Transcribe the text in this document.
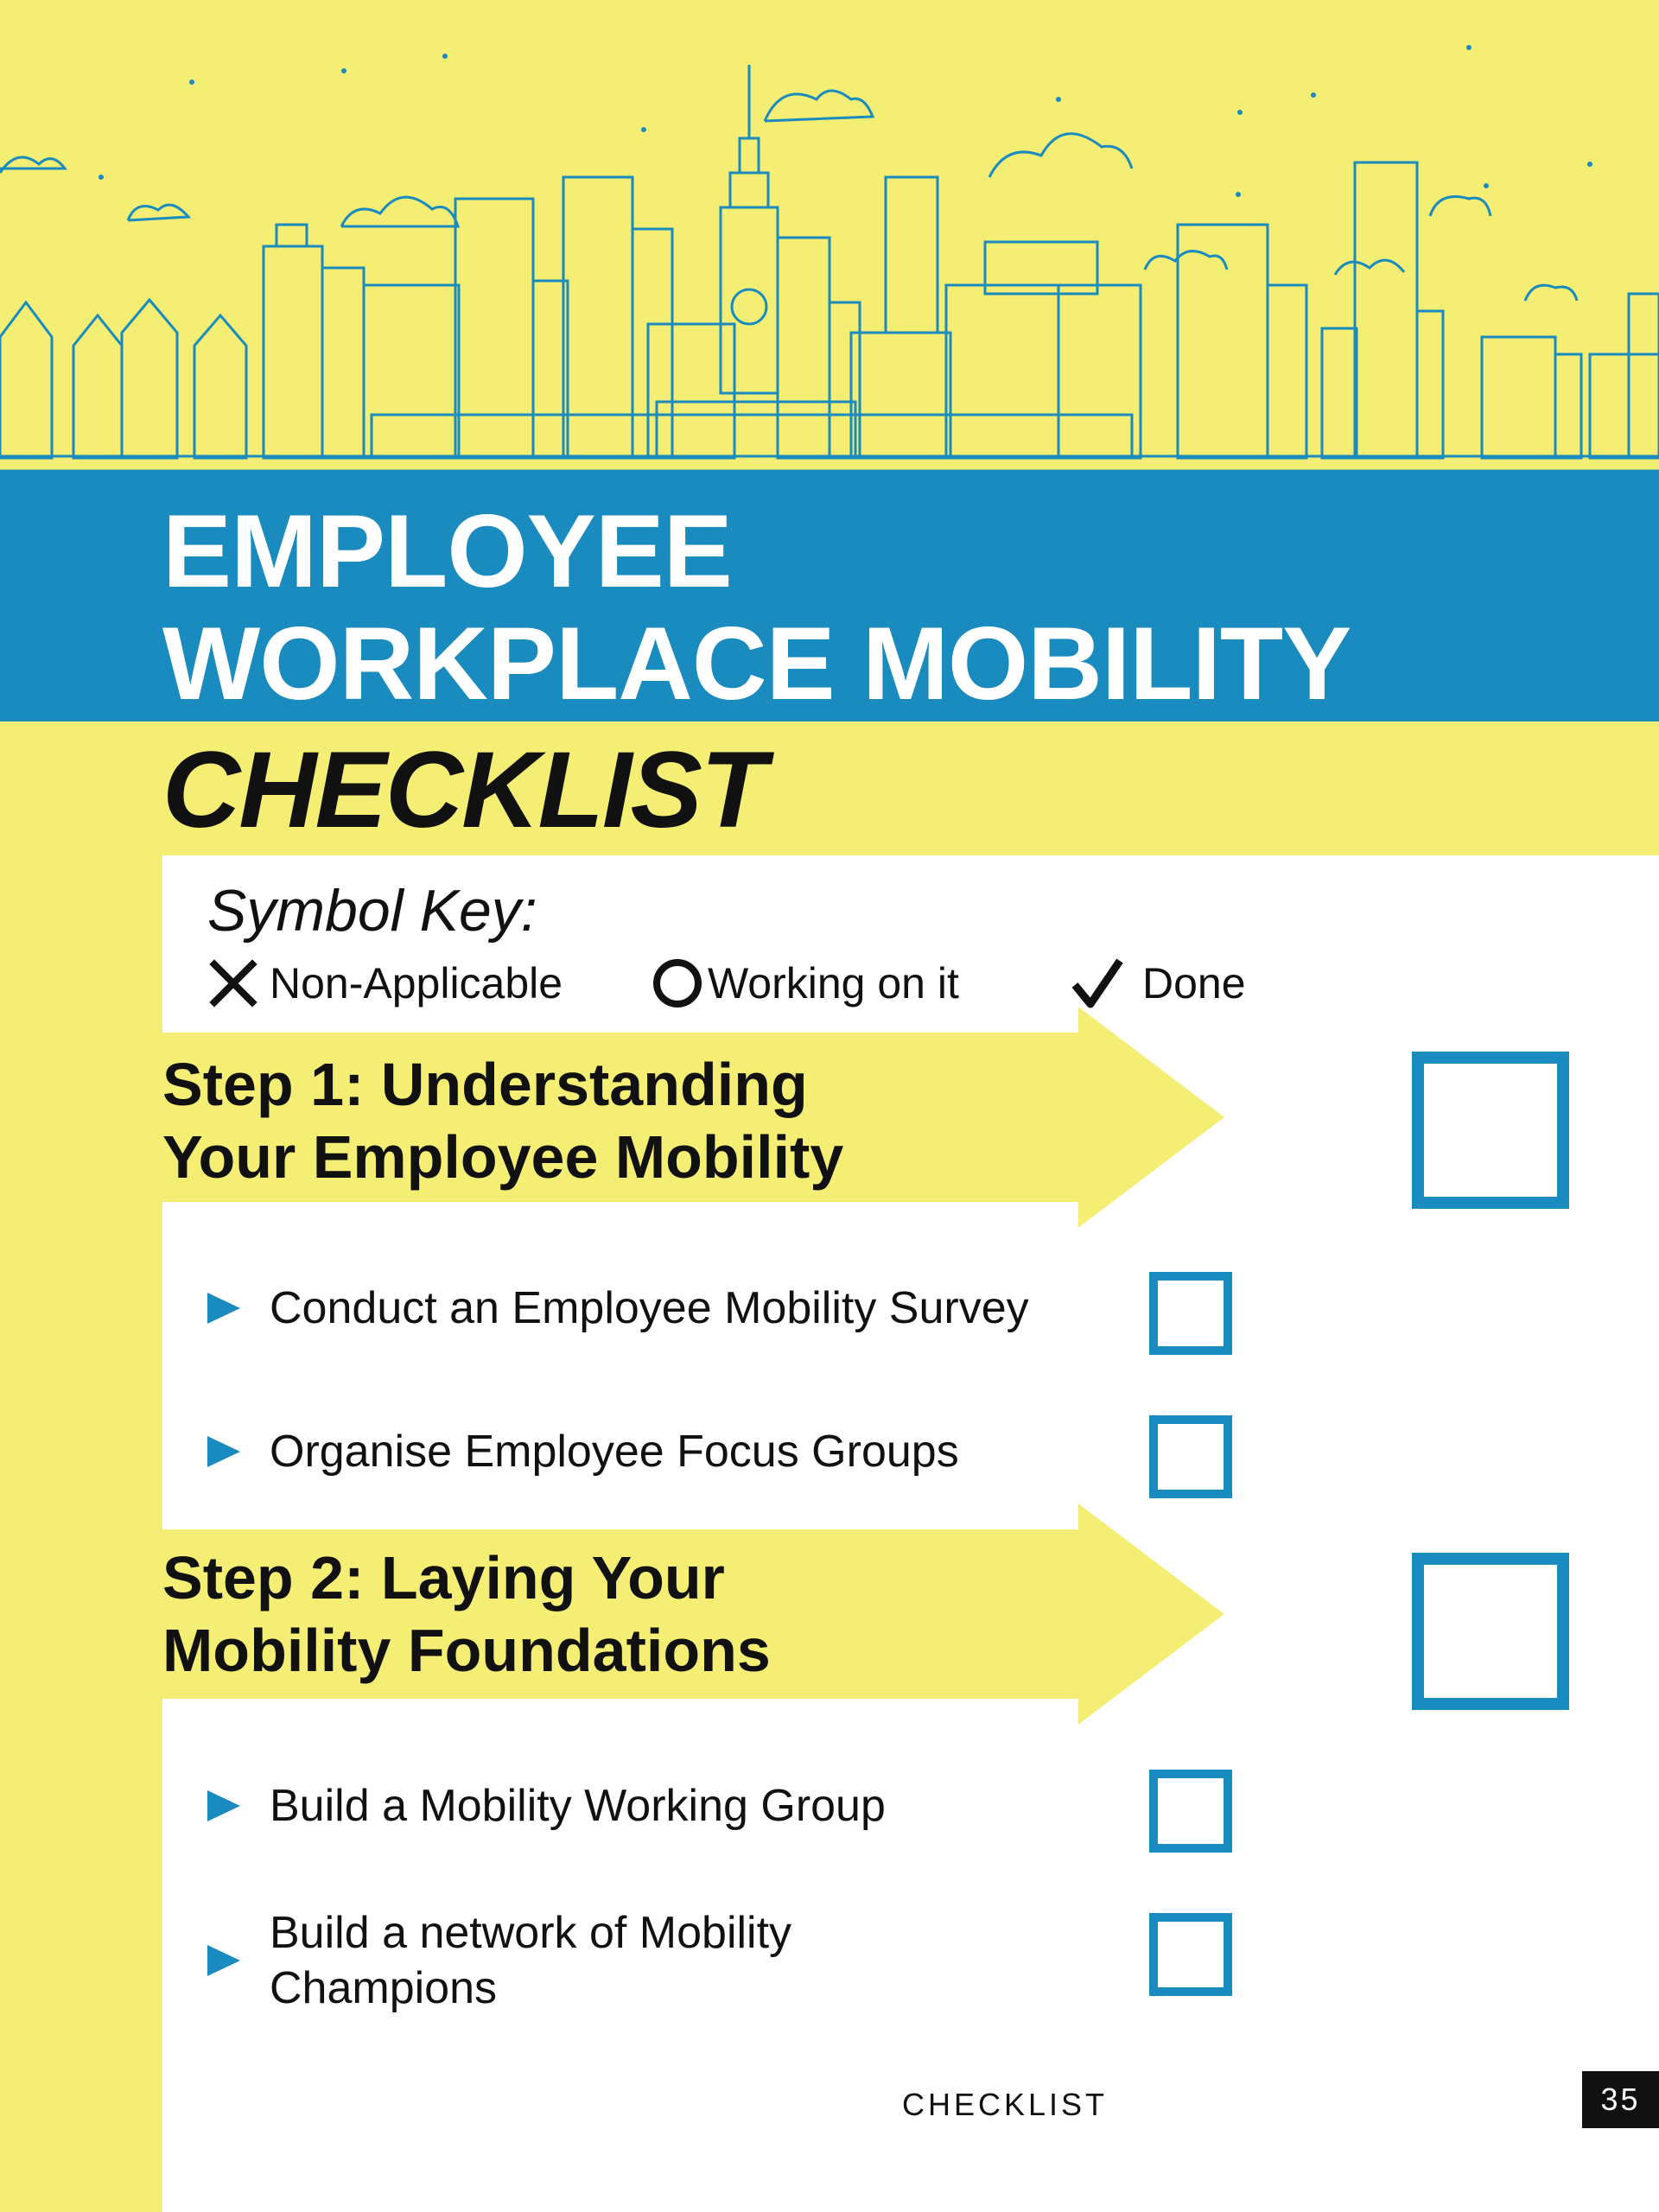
EMPLOYEE
WORKPLACE MOBILITY
CHECKLIST
Symbol Key:
Non-Applicable	Working on it	Done
Step 1: Understanding
Your Employee Mobility
Conduct an Employee Mobility Survey
Organise Employee Focus Groups
Step 2: Laying Your
Mobility Foundations
Build a Mobility Working Group
Build a network of Mobility
Champions
CHECKLIST	35
